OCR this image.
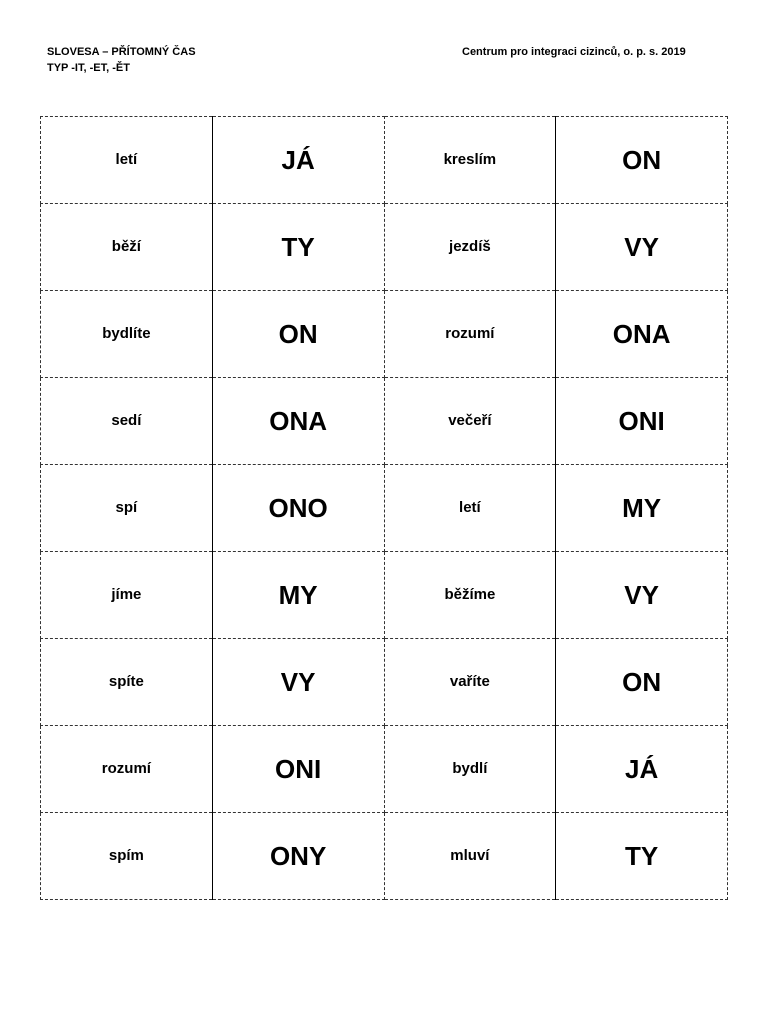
SLOVESA – PŘÍTOMNÝ ČAS
TYP -IT, -ET, -ĚT
Centrum pro integraci cizinců, o. p. s. 2019
letí	JÁ	kreslím	ON
běží	TY	jezdíš	VY
bydlíte	ON	rozumí	ONA
sedí	ONA	večeří	ONI
spí	ONO	letí	MY
jíme	MY	běžíme	VY
spíte	VY	vaříte	ON
rozumí	ONI	bydlí	JÁ
spím	ONY	mluví	TY
